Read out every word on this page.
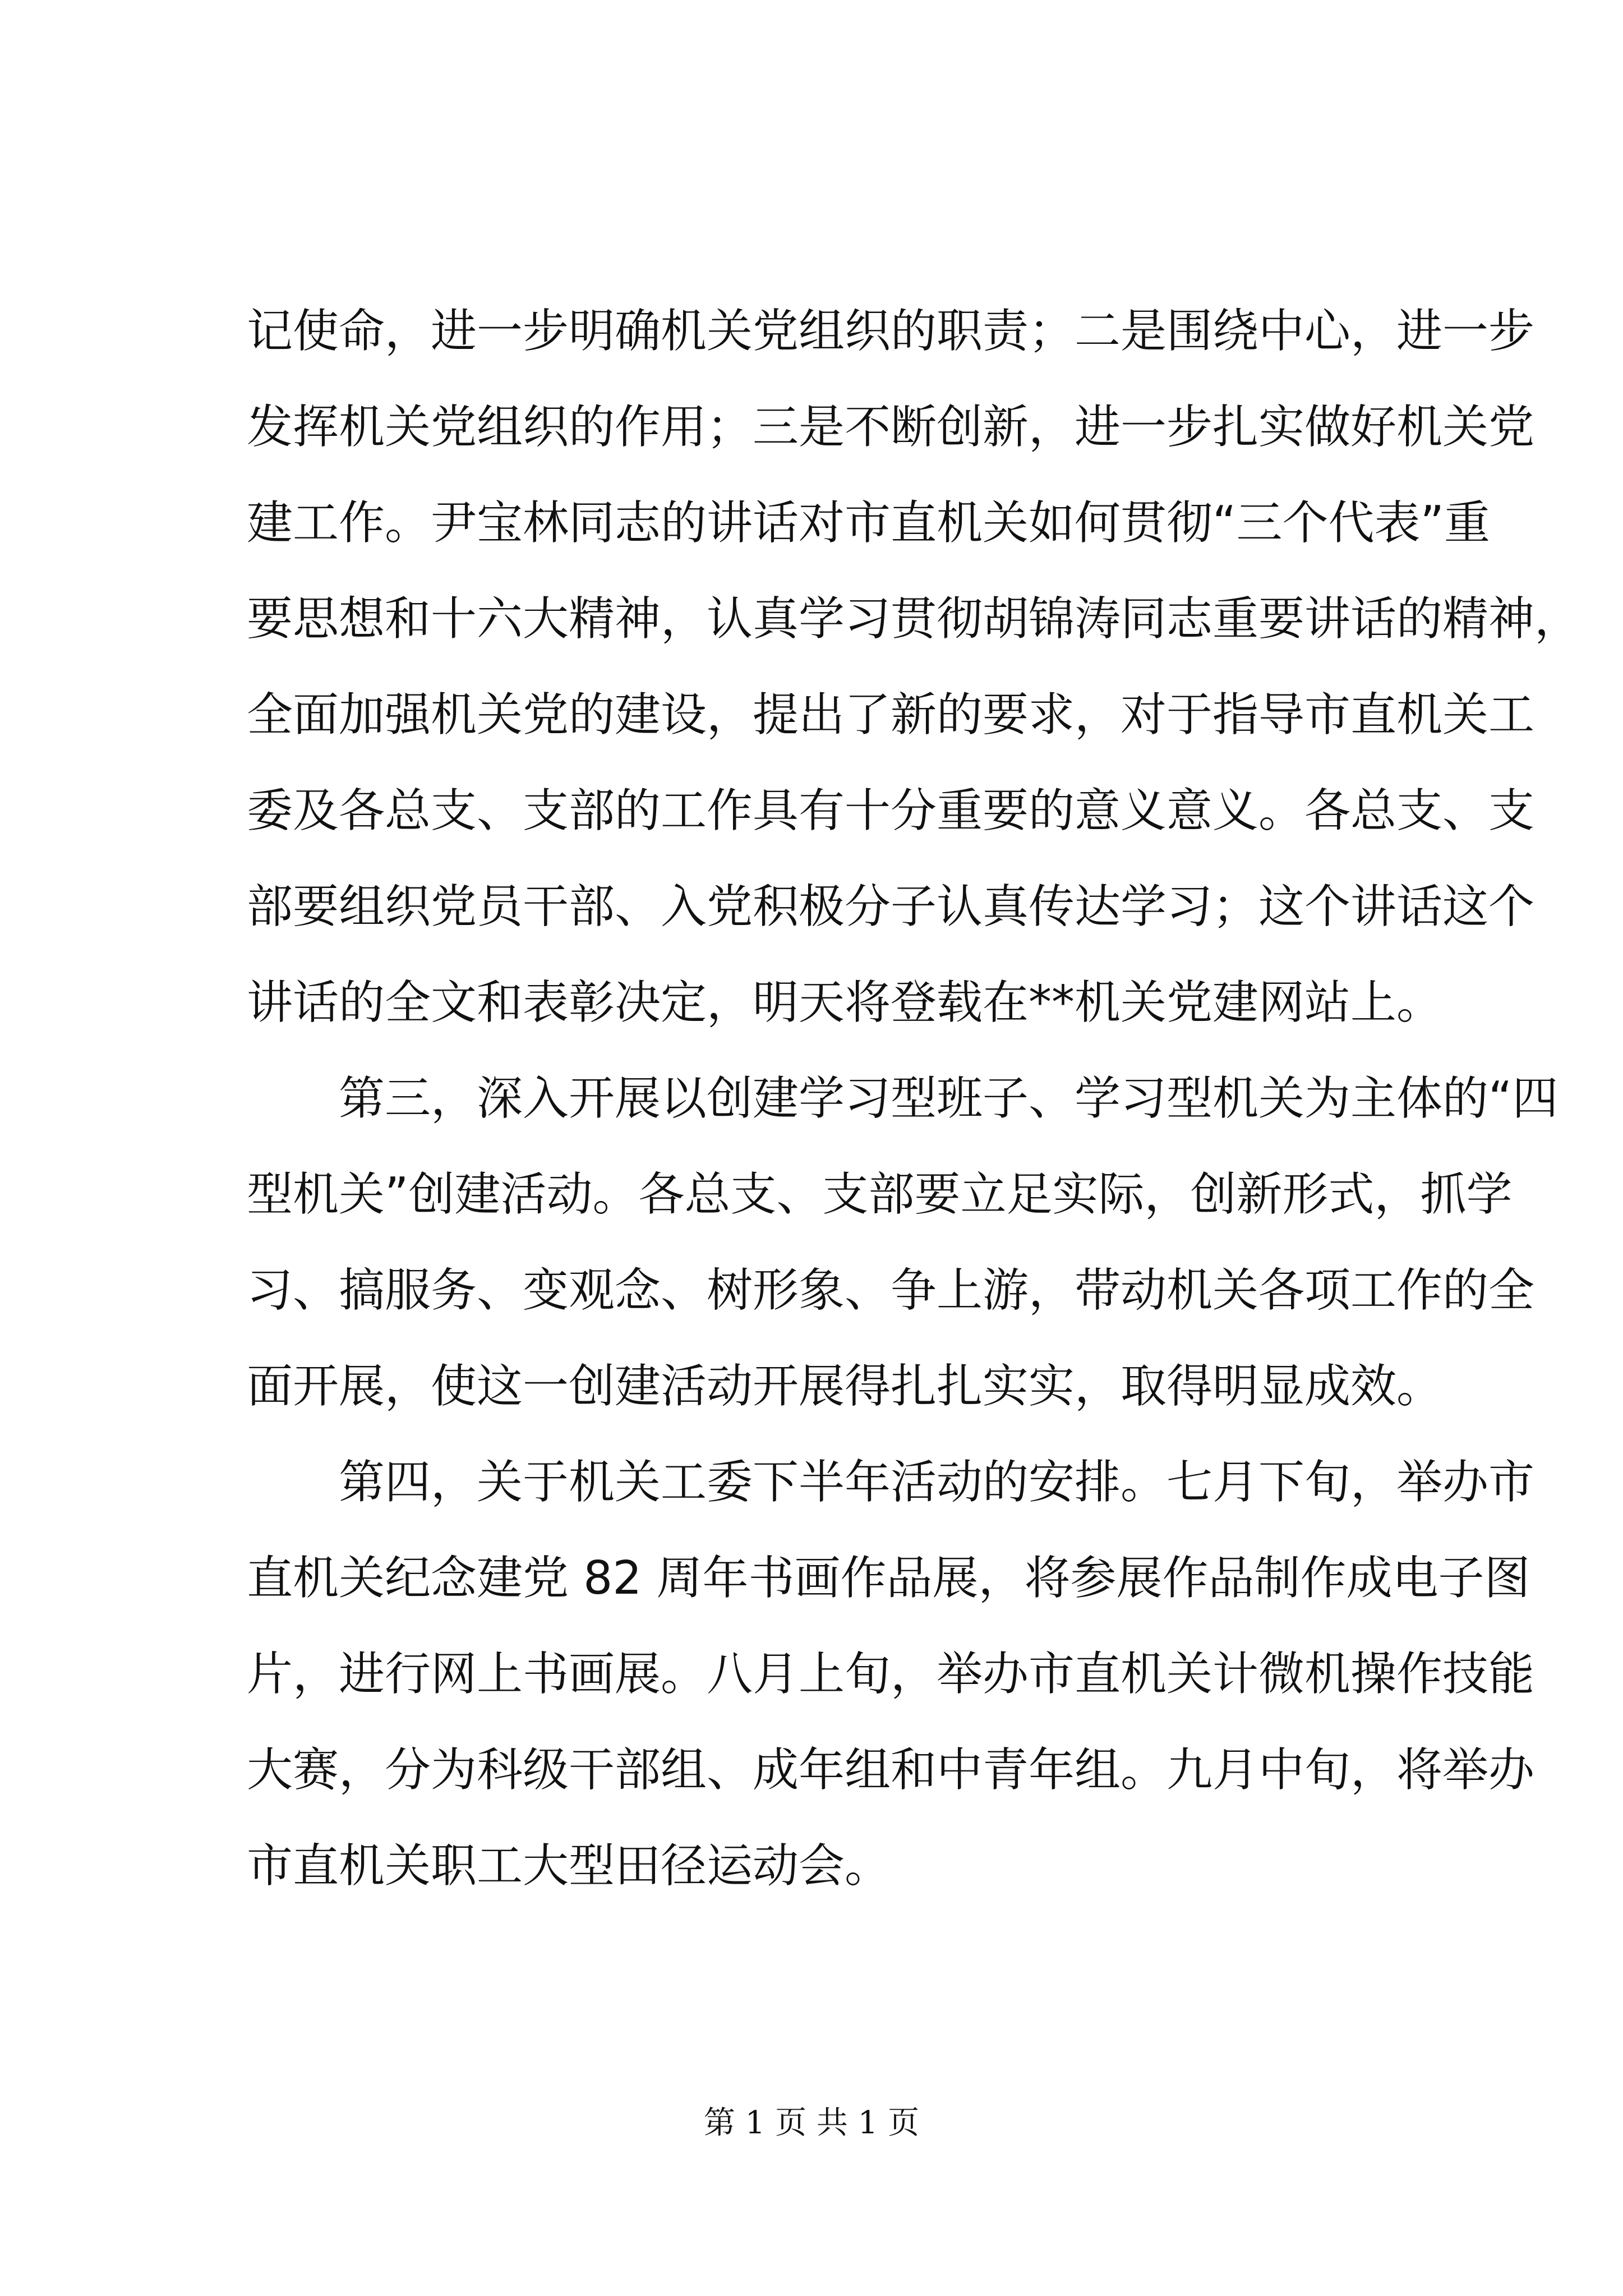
记使命，进一步明确机关党组织的职责；二是围绕中心，进一步
发挥机关党组织的作用；三是不断创新，进一步扎实做好机关党
建工作。尹宝林同志的讲话对市直机关如何贯彻“三个代表”重
要思想和十六大精神，认真学习贯彻胡锦涛同志重要讲话的精神，
全面加强机关党的建设，提出了新的要求，对于指导市直机关工
委及各总支、支部的工作具有十分重要的意义意义。各总支、支
部要组织党员干部、入党积极分子认真传达学习；这个讲话这个
讲话的全文和表彰决定，明天将登载在**机关党建网站上。

第三，深入开展以创建学习型班子、学习型机关为主体的“四
型机关”创建活动。各总支、支部要立足实际，创新形式，抓学
习、搞服务、变观念、树形象、争上游，带动机关各项工作的全
面开展，使这一创建活动开展得扎扎实实，取得明显成效。

第四，关于机关工委下半年活动的安排。七月下旬，举办市
直机关纪念建党 82 周年书画作品展，将参展作品制作成电子图
片，进行网上书画展。八月上旬，举办市直机关计微机操作技能
大赛，分为科级干部组、成年组和中青年组。九月中旬，将举办
市直机关职工大型田径运动会。

第 1 页 共 1 页
